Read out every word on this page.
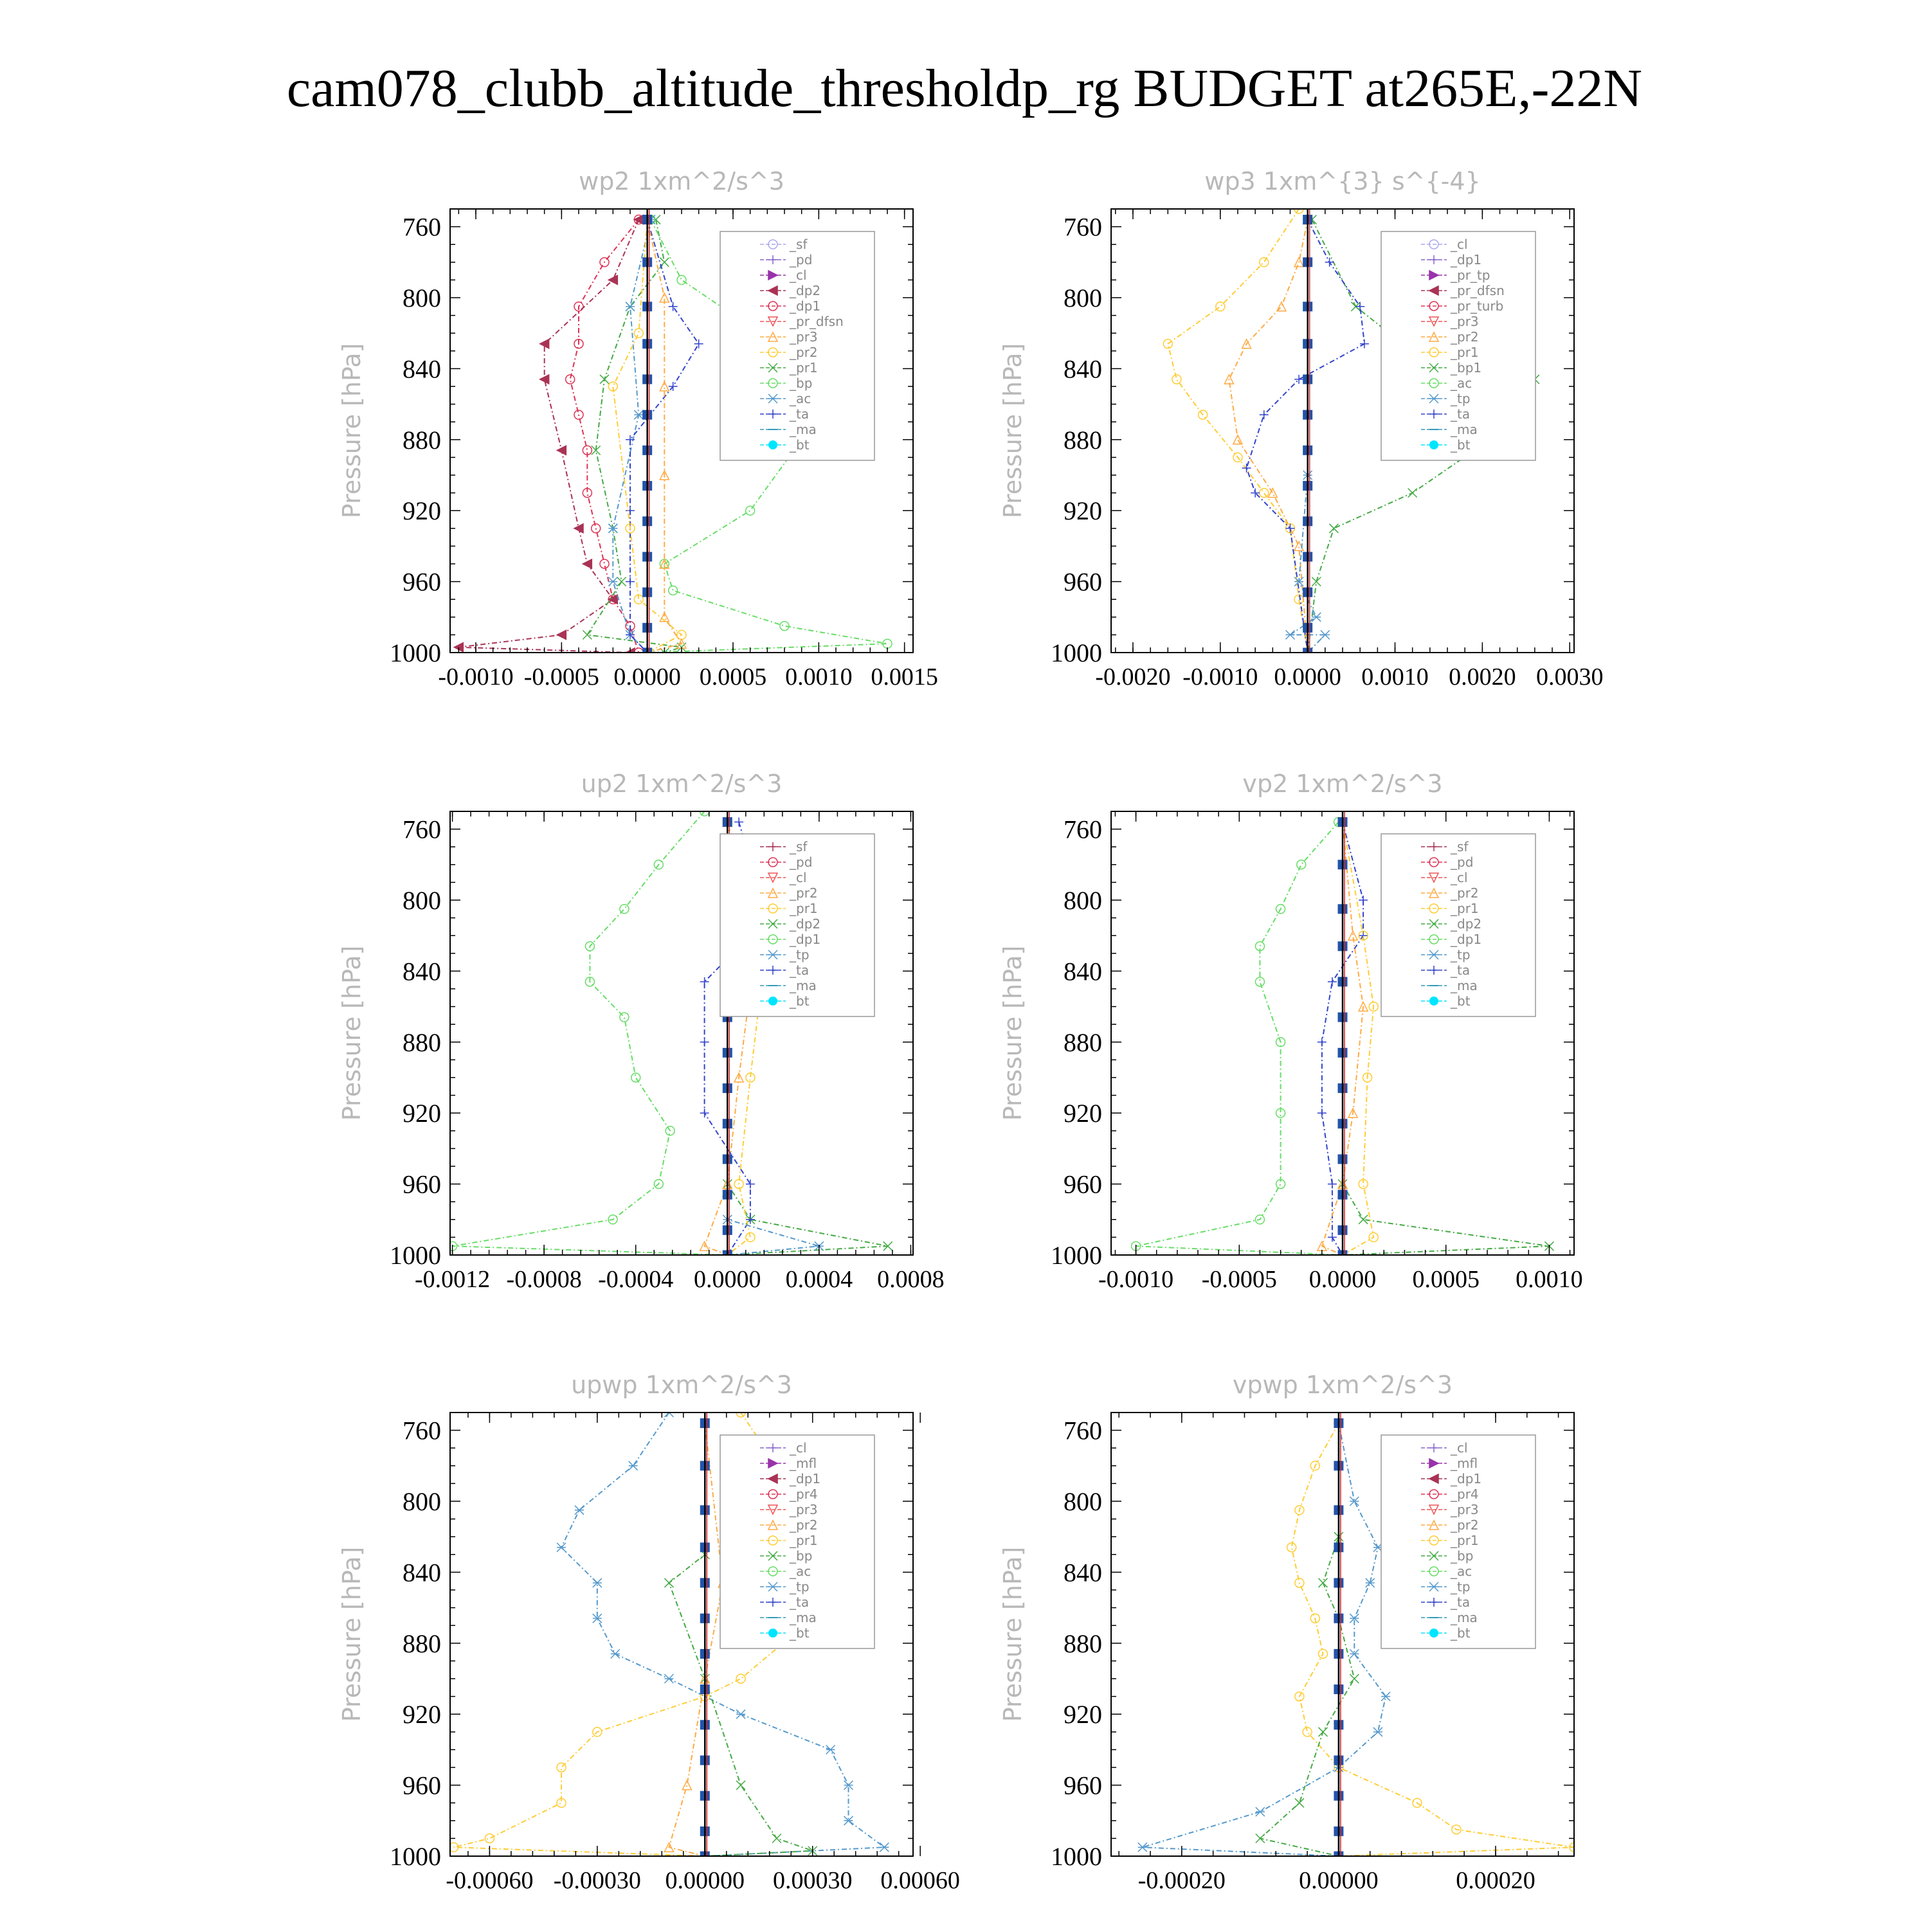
cam078_clubb_altitude_thresholdp_rg BUDGET at265E,-22N
wp2 1xm^2/s^3
Pressure [hPa]
760
800
840
880
920
960
1000
-0.0010 -0.0005 0.0000 0.0005 0.0010 0.0015
_sf
_pd
_cl
_dp2
_dp1
_pr_dfsn
_pr3
_pr2
_pr1
_bp
_ac
_ta
_ma
_bt
wp3 1xm^{3} s^{-4}
Pressure [hPa]
760
800
840
880
920
960
1000
-0.0020 -0.0010 0.0000 0.0010 0.0020 0.0030
_cl
_dp1
_pr_tp
_pr_dfsn
_pr_turb
_pr3
_pr2
_pr1
_bp1
_ac
_tp
_ta
_ma
_bt
up2 1xm^2/s^3
Pressure [hPa]
760
800
840
880
920
960
1000
-0.0012 -0.0008 -0.0004 0.0000 0.0004 0.0008
_sf
_pd
_cl
_pr2
_pr1
_dp2
_dp1
_tp
_ta
_ma
_bt
vp2 1xm^2/s^3
Pressure [hPa]
760
800
840
880
920
960
1000
-0.0010 -0.0005 0.0000 0.0005 0.0010
_sf
_pd
_cl
_pr2
_pr1
_dp2
_dp1
_tp
_ta
_ma
_bt
upwp 1xm^2/s^3
Pressure [hPa]
760
800
840
880
920
960
1000
-0.00060 -0.00030 0.00000 0.00030 0.00060
_cl
_mfl
_dp1
_pr4
_pr3
_pr2
_pr1
_bp
_ac
_tp
_ta
_ma
_bt
vpwp 1xm^2/s^3
Pressure [hPa]
760
800
840
880
920
960
1000
-0.00020	0.00000	0.00020
_cl
_mfl
_dp1
_pr4
_pr3
_pr2
_pr1
_bp
_ac
_tp
_ta
_ma
_bt
